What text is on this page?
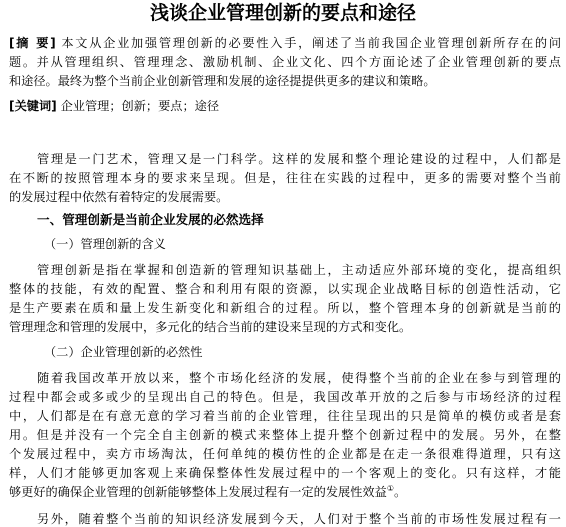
浅谈企业管理创新的要点和途径
[摘 要] 本文从企业加强管理创新的必要性入手，阐述了当前我国企业管理创新所存在的问
题。并从管理组织、管理理念、激励机制、企业文化、四个方面论述了企业管理创新的要点
和途径。最终为整个当前企业创新管理和发展的途径提提供更多的建议和策略。
[关键词] 企业管理；创新；要点；途径
管理是一门艺术，管理又是一门科学。这样的发展和整个理论建设的过程中，人们都是
在不断的按照管理本身的要求来呈现。但是，往往在实践的过程中，更多的需要对整个当前
的发展过程中依然有着特定的发展需要。
一、管理创新是当前企业发展的必然选择
（一）管理创新的含义
管理创新是指在掌握和创造新的管理知识基础上，主动适应外部环境的变化，提高组织
整体的技能，有效的配置、整合和利用有限的资源，以实现企业战略目标的创造性活动，它
是生产要素在质和量上发生新变化和新组合的过程。所以，整个管理本身的创新就是当前的
管理理念和管理的发展中，多元化的结合当前的建设来呈现的方式和变化。
（二）企业管理创新的必然性
随着我国改革开放以来，整个市场化经济的发展，使得整个当前的企业在参与到管理的
过程中都会或多或少的呈现出自己的特色。但是，我国改革开放的之后参与市场经济的过程
中，人们都是在有意无意的学习着当前的企业管理，往往呈现出的只是简单的模仿或者是套
用。但是并没有一个完全自主创新的模式来整体上提升整个创新过程中的发展。另外，在整
个发展过程中，卖方市场淘汰，任何单纯的模仿性的企业都是在走一条很难得道理，只有这
样，人们才能够更加客观上来确保整体性发展过程中的一个客观上的变化。只有这样，才能
够更好的确保企业管理的创新能够整体上发展过程有一定的发展性效益①。
另外，随着整个当前的知识经济发展到今天，人们对于整个当前的市场性发展过程有一
